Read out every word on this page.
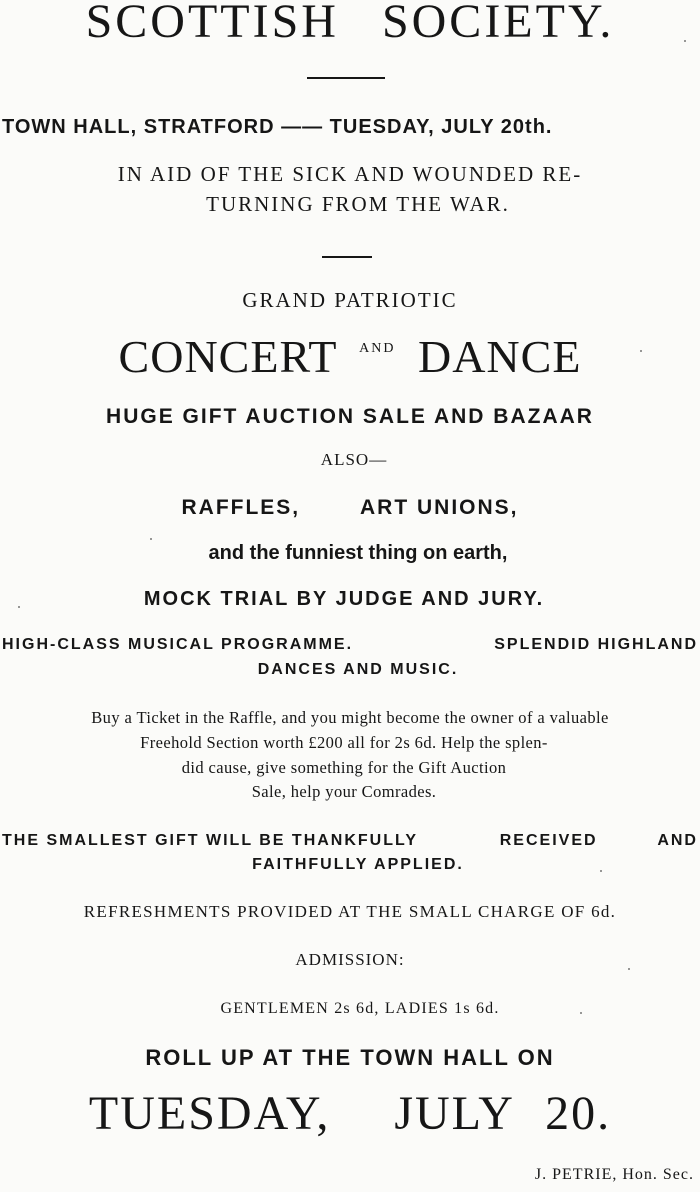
SCOTTISH SOCIETY.
TOWN HALL, STRATFORD —— TUESDAY, JULY 20th.
IN AID OF THE SICK AND WOUNDED RE-
TURNING FROM THE WAR.
GRAND PATRIOTIC
CONCERT $^{AND}$ DANCE
HUGE GIFT AUCTION SALE AND BAZAAR
ALSO—
RAFFLES,	ART UNIONS,
and the funniest thing on earth,
MOCK TRIAL BY JUDGE AND JURY.
HIGH-CLASS MUSICAL PROGRAMME.	SPLENDID HIGHLAND
DANCES AND MUSIC.
Buy a Ticket in the Raffle, and you might become the owner of a valuable
Freehold Section worth £200 all for 2s 6d. Help the splen-
did cause, give something for the Gift Auction
Sale, help your Comrades.
THE SMALLEST GIFT WILL BE THANKFULLY	RECEIVED	AND
FAITHFULLY APPLIED.
REFRESHMENTS PROVIDED AT THE SMALL CHARGE OF 6d.
ADMISSION:
GENTLEMEN 2s 6d, LADIES 1s 6d.
ROLL UP AT THE TOWN HALL ON
TUESDAY, JULY 20.
J. PETRIE, Hon. Sec.
